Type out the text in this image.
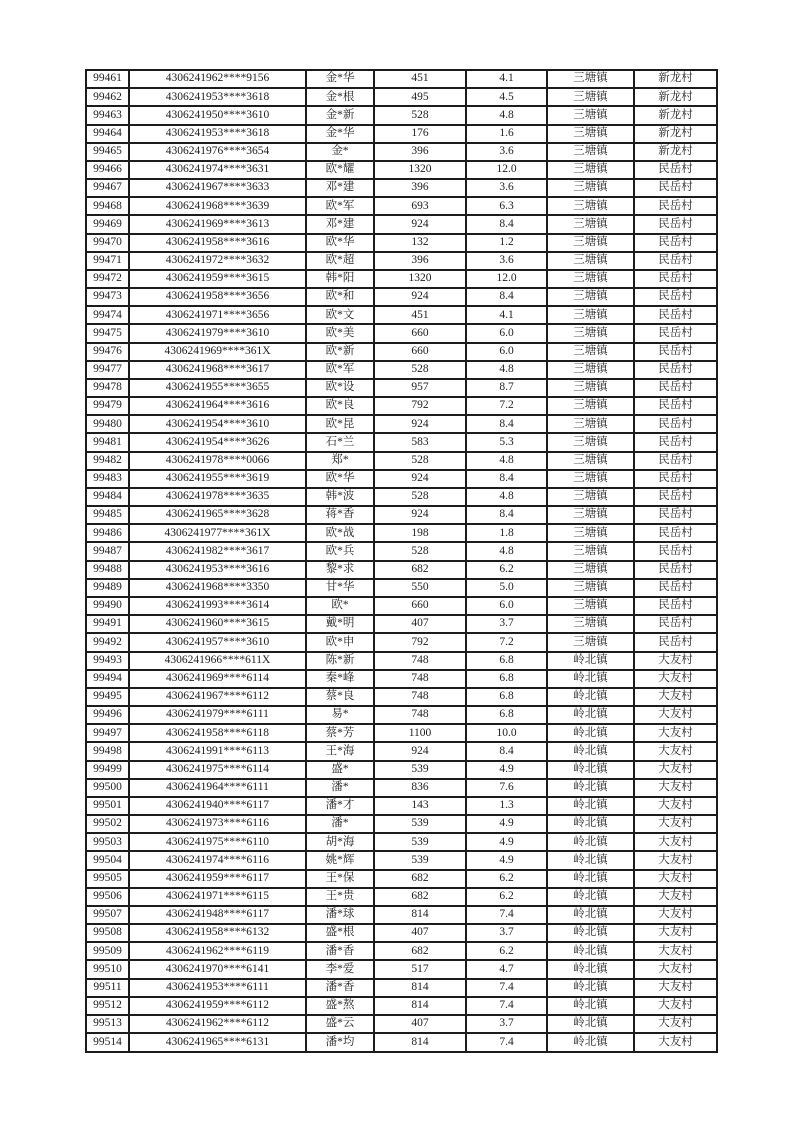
99461	4306241962****9156	金*华	451	4.1	三塘镇	新龙村
99462	4306241953****3618	金*根	495	4.5	三塘镇	新龙村
99463	4306241950****3610	金*新	528	4.8	三塘镇	新龙村
99464	4306241953****3618	金*华	176	1.6	三塘镇	新龙村
99465	4306241976****3654	金*	396	3.6	三塘镇	新龙村
99466	4306241974****3631	欧*耀	1320	12.0	三塘镇	民岳村
99467	4306241967****3633	邓*建	396	3.6	三塘镇	民岳村
99468	4306241968****3639	欧*军	693	6.3	三塘镇	民岳村
99469	4306241969****3613	邓*建	924	8.4	三塘镇	民岳村
99470	4306241958****3616	欧*华	132	1.2	三塘镇	民岳村
99471	4306241972****3632	欧*超	396	3.6	三塘镇	民岳村
99472	4306241959****3615	韩*阳	1320	12.0	三塘镇	民岳村
99473	4306241958****3656	欧*和	924	8.4	三塘镇	民岳村
99474	4306241971****3656	欧*文	451	4.1	三塘镇	民岳村
99475	4306241979****3610	欧*美	660	6.0	三塘镇	民岳村
99476	4306241969****361X	欧*新	660	6.0	三塘镇	民岳村
99477	4306241968****3617	欧*军	528	4.8	三塘镇	民岳村
99478	4306241955****3655	欧*设	957	8.7	三塘镇	民岳村
99479	4306241964****3616	欧*良	792	7.2	三塘镇	民岳村
99480	4306241954****3610	欧*昆	924	8.4	三塘镇	民岳村
99481	4306241954****3626	石*兰	583	5.3	三塘镇	民岳村
99482	4306241978****0066	郑*	528	4.8	三塘镇	民岳村
99483	4306241955****3619	欧*华	924	8.4	三塘镇	民岳村
99484	4306241978****3635	韩*波	528	4.8	三塘镇	民岳村
99485	4306241965****3628	蒋*香	924	8.4	三塘镇	民岳村
99486	4306241977****361X	欧*战	198	1.8	三塘镇	民岳村
99487	4306241982****3617	欧*兵	528	4.8	三塘镇	民岳村
99488	4306241953****3616	黎*求	682	6.2	三塘镇	民岳村
99489	4306241968****3350	甘*华	550	5.0	三塘镇	民岳村
99490	4306241993****3614	欧*	660	6.0	三塘镇	民岳村
99491	4306241960****3615	戴*明	407	3.7	三塘镇	民岳村
99492	4306241957****3610	欧*申	792	7.2	三塘镇	民岳村
99493	4306241966****611X	陈*新	748	6.8	岭北镇	大友村
99494	4306241969****6114	秦*峰	748	6.8	岭北镇	大友村
99495	4306241967****6112	蔡*良	748	6.8	岭北镇	大友村
99496	4306241979****6111	易*	748	6.8	岭北镇	大友村
99497	4306241958****6118	蔡*芳	1100	10.0	岭北镇	大友村
99498	4306241991****6113	王*海	924	8.4	岭北镇	大友村
99499	4306241975****6114	盛*	539	4.9	岭北镇	大友村
99500	4306241964****6111	潘*	836	7.6	岭北镇	大友村
99501	4306241940****6117	潘*才	143	1.3	岭北镇	大友村
99502	4306241973****6116	潘*	539	4.9	岭北镇	大友村
99503	4306241975****6110	胡*海	539	4.9	岭北镇	大友村
99504	4306241974****6116	姚*辉	539	4.9	岭北镇	大友村
99505	4306241959****6117	王*保	682	6.2	岭北镇	大友村
99506	4306241971****6115	王*贵	682	6.2	岭北镇	大友村
99507	4306241948****6117	潘*球	814	7.4	岭北镇	大友村
99508	4306241958****6132	盛*根	407	3.7	岭北镇	大友村
99509	4306241962****6119	潘*香	682	6.2	岭北镇	大友村
99510	4306241970****6141	李*爱	517	4.7	岭北镇	大友村
99511	4306241953****6111	潘*香	814	7.4	岭北镇	大友村
99512	4306241959****6112	盛*熬	814	7.4	岭北镇	大友村
99513	4306241962****6112	盛*云	407	3.7	岭北镇	大友村
99514	4306241965****6131	潘*均	814	7.4	岭北镇	大友村
